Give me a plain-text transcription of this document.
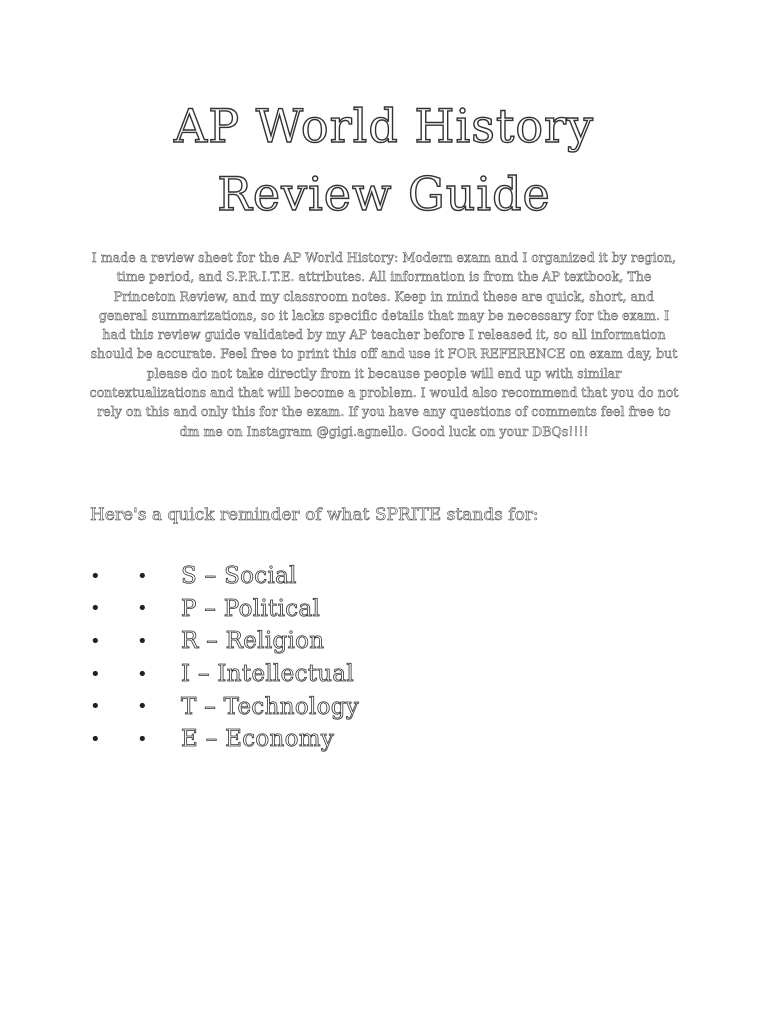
AP World History
Review Guide

I made a review sheet for the AP World History: Modern exam and I organized it by region, time period, and S.P.R.I.T.E. attributes. All information is from the AP textbook, The Princeton Review, and my classroom notes. Keep in mind these are quick, short, and general summarizations, so it lacks specific details that may be necessary for the exam. I had this review guide validated by my AP teacher before I released it, so all information should be accurate. Feel free to print this off and use it FOR REFERENCE on exam day, but please do not take directly from it because people will end up with similar contextualizations and that will become a problem. I would also recommend that you do not rely on this and only this for the exam. If you have any questions of comments feel free to dm me on Instagram @gigi.agnello. Good luck on your DBQs!!!!

Here's a quick reminder of what SPRITE stands for:

•	•	S – Social
•	•	P – Political
•	•	R – Religion
•	•	I – Intellectual
•	•	T – Technology
•	•	E – Economy
